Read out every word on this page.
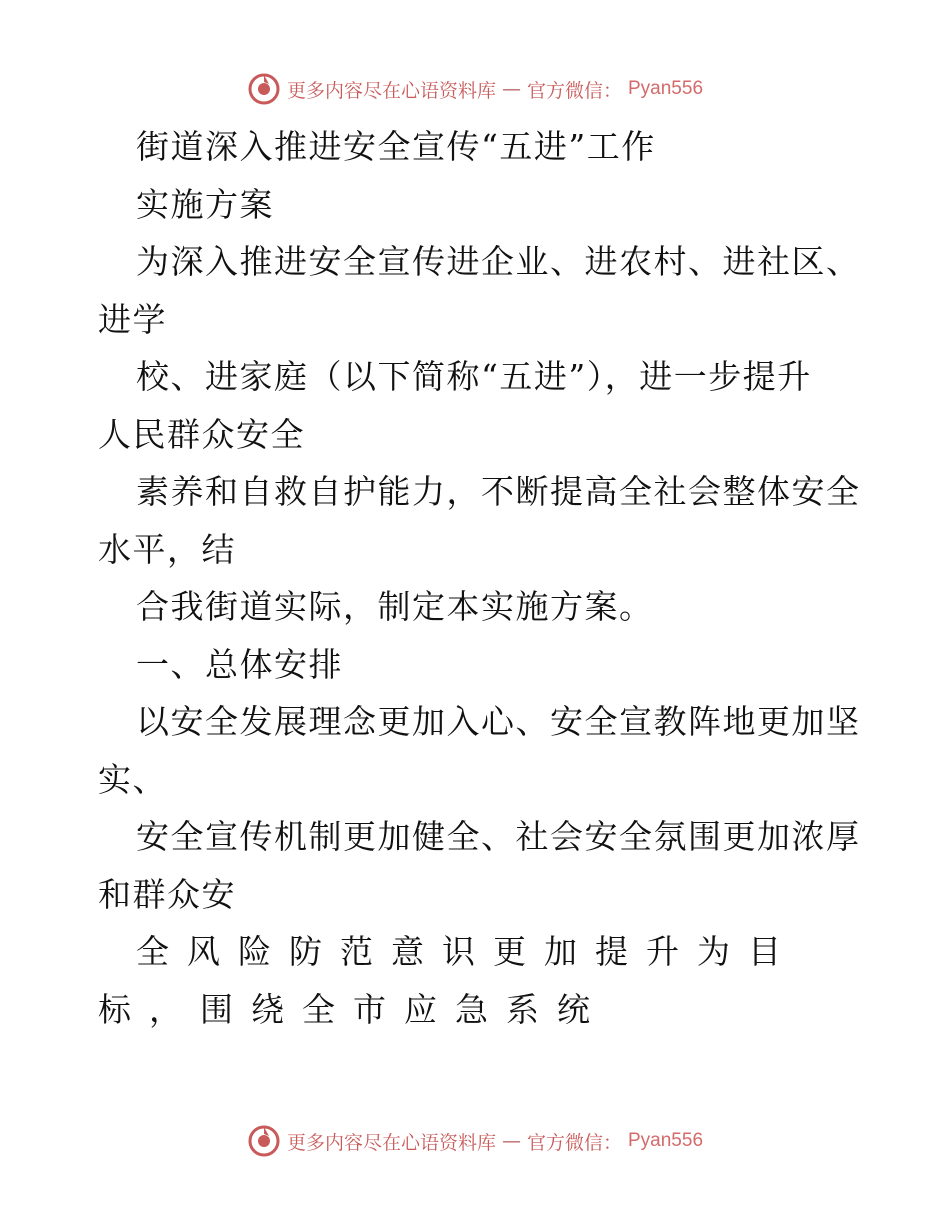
更多内容尽在心语资料库 — 官方微信： Pyan556
街道深入推进安全宣传“五进”工作
实施方案
为深入推进安全宣传进企业、进农村、进社区、
进学
校、进家庭（以下简称“五进”），进一步提升
人民群众安全
素养和自救自护能力，不断提高全社会整体安全
水平，结
合我街道实际，制定本实施方案。
一、总体安排
以安全发展理念更加入心、安全宣教阵地更加坚
实、
安全宣传机制更加健全、社会安全氛围更加浓厚
和群众安
全风险防范意识更加提升为目
标，围绕全市应急系统
更多内容尽在心语资料库 — 官方微信： Pyan556
